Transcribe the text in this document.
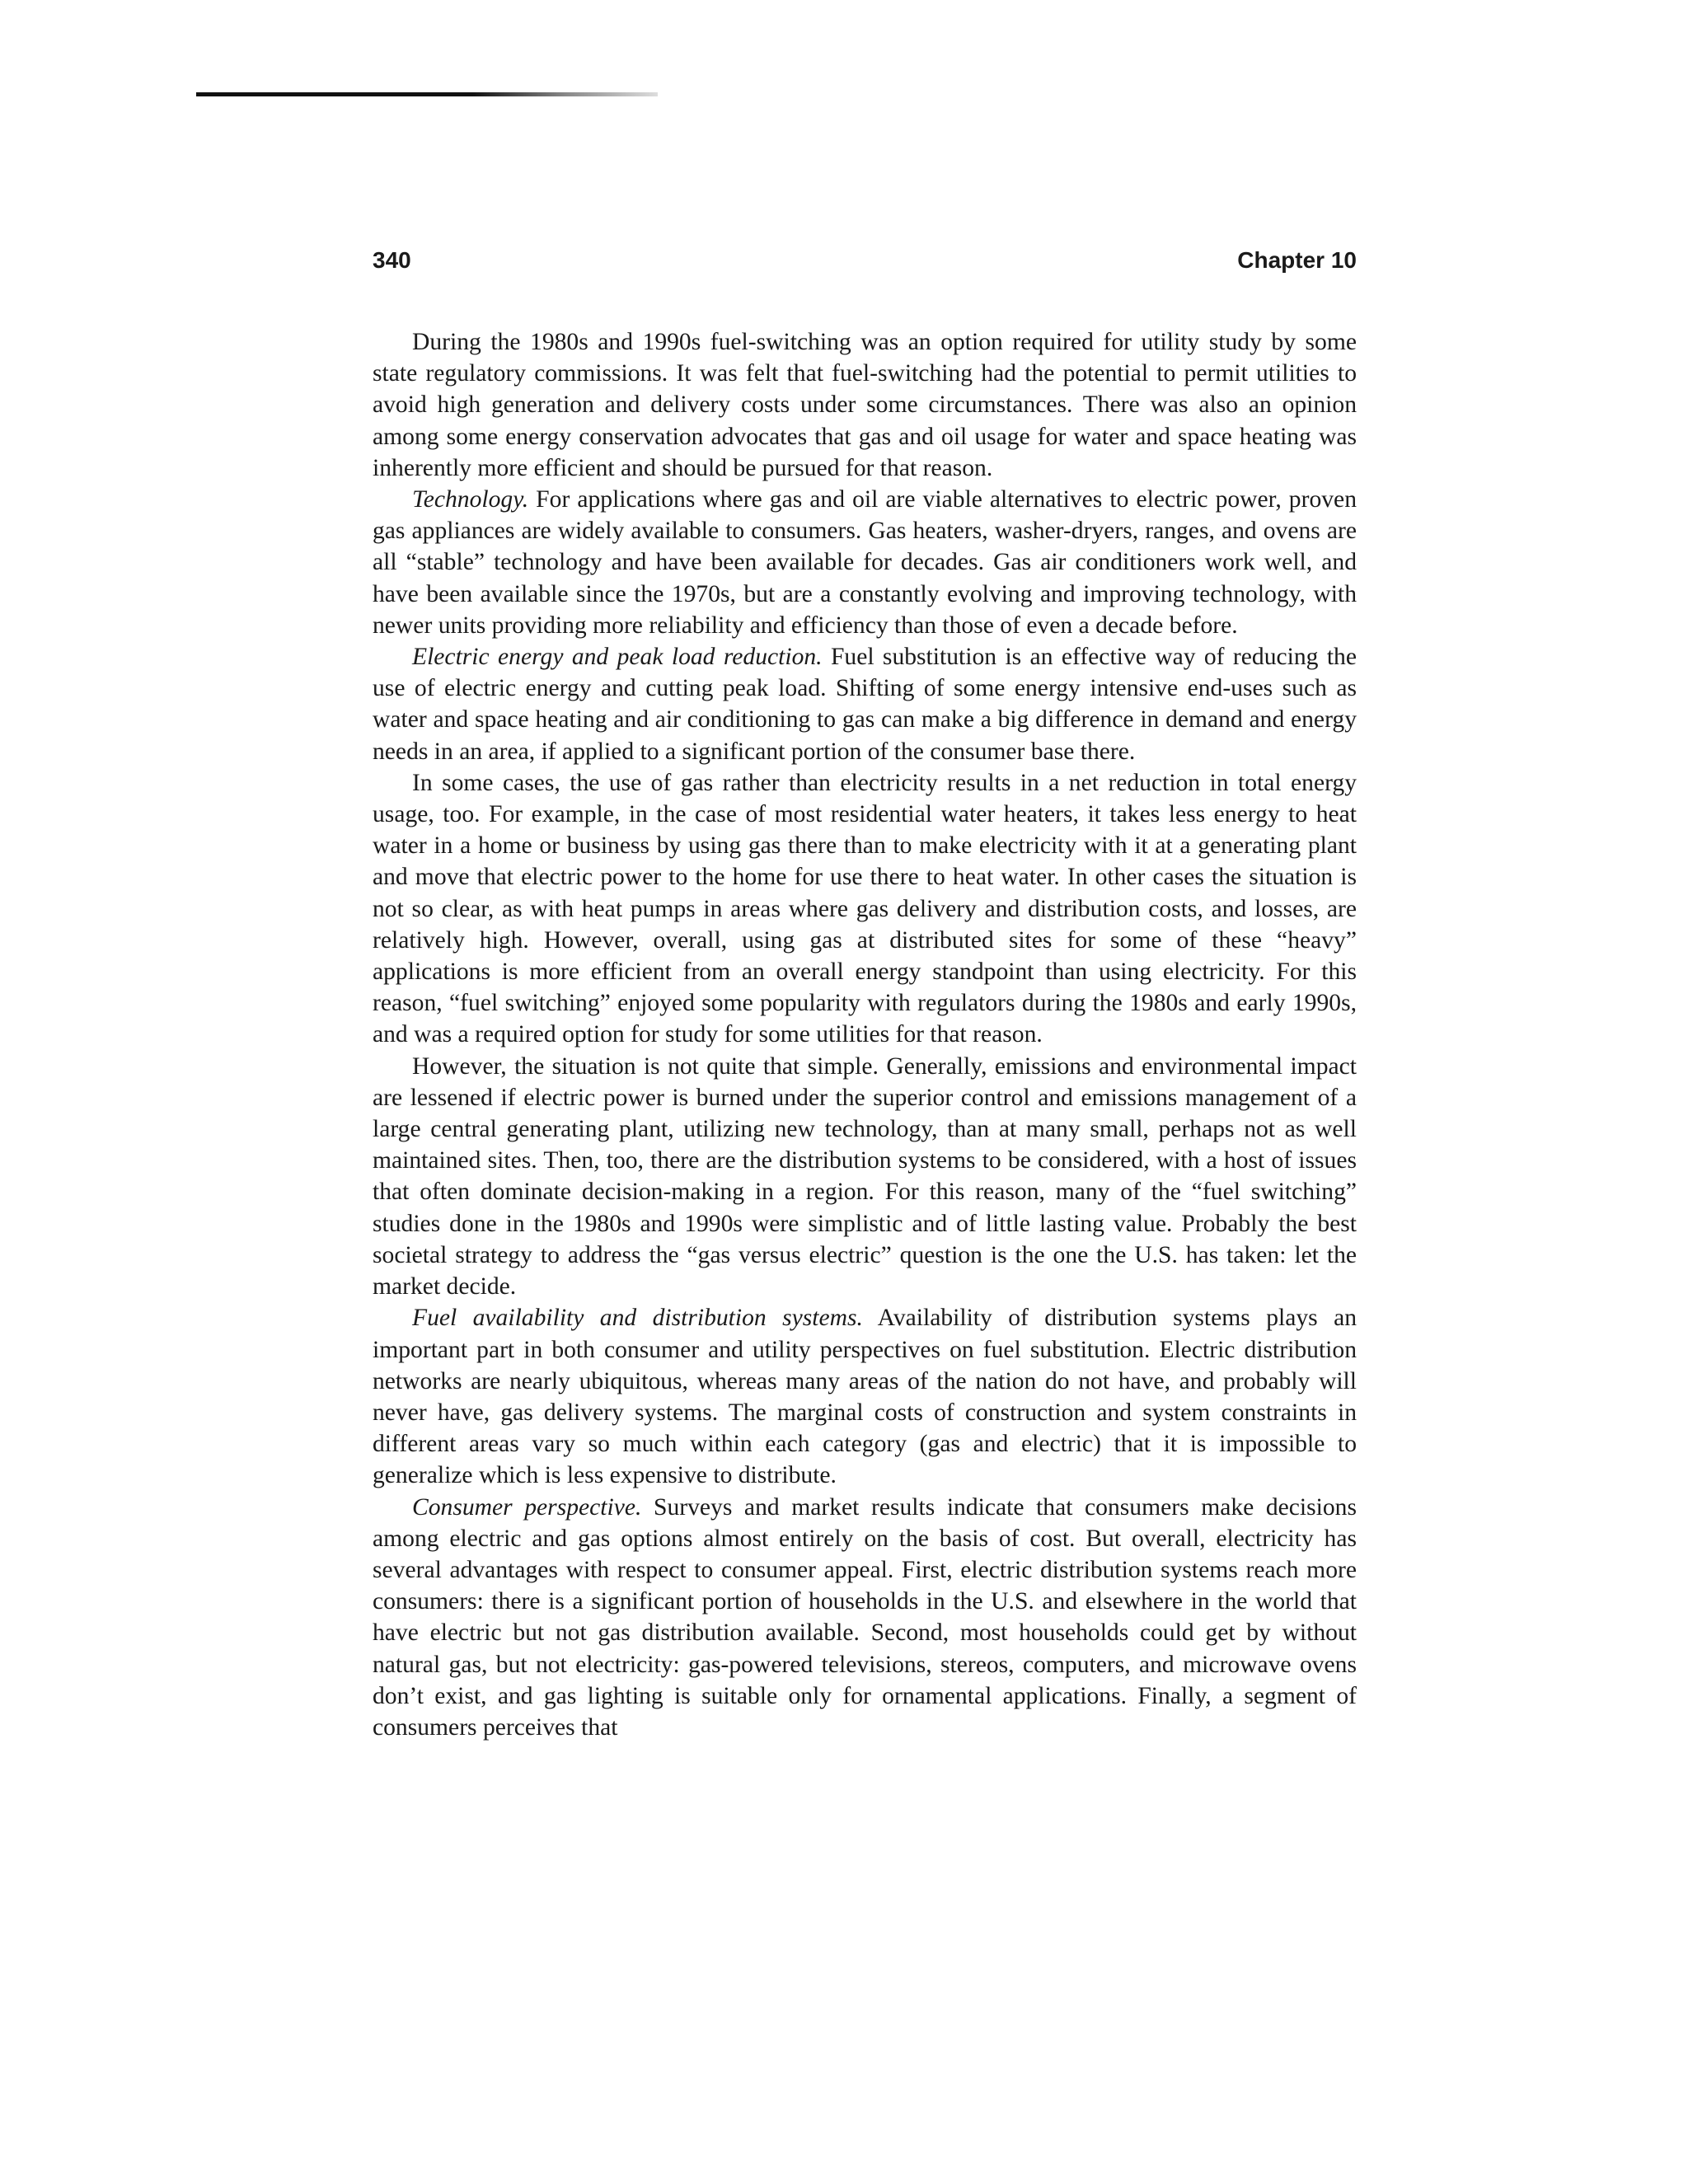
340	Chapter 10

During the 1980s and 1990s fuel-switching was an option required for utility study by some state regulatory commissions. It was felt that fuel-switching had the potential to permit utilities to avoid high generation and delivery costs under some circumstances. There was also an opinion among some energy conservation advocates that gas and oil usage for water and space heating was inherently more efficient and should be pursued for that reason.

Technology. For applications where gas and oil are viable alternatives to electric power, proven gas appliances are widely available to consumers. Gas heaters, washer-dryers, ranges, and ovens are all “stable” technology and have been available for decades. Gas air conditioners work well, and have been available since the 1970s, but are a constantly evolving and improving technology, with newer units providing more reliability and efficiency than those of even a decade before.

Electric energy and peak load reduction. Fuel substitution is an effective way of reducing the use of electric energy and cutting peak load. Shifting of some energy intensive end-uses such as water and space heating and air conditioning to gas can make a big difference in demand and energy needs in an area, if applied to a significant portion of the consumer base there.

In some cases, the use of gas rather than electricity results in a net reduction in total energy usage, too. For example, in the case of most residential water heaters, it takes less energy to heat water in a home or business by using gas there than to make electricity with it at a generating plant and move that electric power to the home for use there to heat water. In other cases the situation is not so clear, as with heat pumps in areas where gas delivery and distribution costs, and losses, are relatively high. However, overall, using gas at distributed sites for some of these “heavy” applications is more efficient from an overall energy standpoint than using electricity. For this reason, “fuel switching” enjoyed some popularity with regulators during the 1980s and early 1990s, and was a required option for study for some utilities for that reason.

However, the situation is not quite that simple. Generally, emissions and environmental impact are lessened if electric power is burned under the superior control and emissions management of a large central generating plant, utilizing new technology, than at many small, perhaps not as well maintained sites. Then, too, there are the distribution systems to be considered, with a host of issues that often dominate decision-making in a region. For this reason, many of the “fuel switching” studies done in the 1980s and 1990s were simplistic and of little lasting value. Probably the best societal strategy to address the “gas versus electric” question is the one the U.S. has taken: let the market decide.

Fuel availability and distribution systems. Availability of distribution systems plays an important part in both consumer and utility perspectives on fuel substitution. Electric distribution networks are nearly ubiquitous, whereas many areas of the nation do not have, and probably will never have, gas delivery systems. The marginal costs of construction and system constraints in different areas vary so much within each category (gas and electric) that it is impossible to generalize which is less expensive to distribute.

Consumer perspective. Surveys and market results indicate that consumers make decisions among electric and gas options almost entirely on the basis of cost. But overall, electricity has several advantages with respect to consumer appeal. First, electric distribution systems reach more consumers: there is a significant portion of households in the U.S. and elsewhere in the world that have electric but not gas distribution available. Second, most households could get by without natural gas, but not electricity: gas-powered televisions, stereos, computers, and microwave ovens don’t exist, and gas lighting is suitable only for ornamental applications. Finally, a segment of consumers perceives that
